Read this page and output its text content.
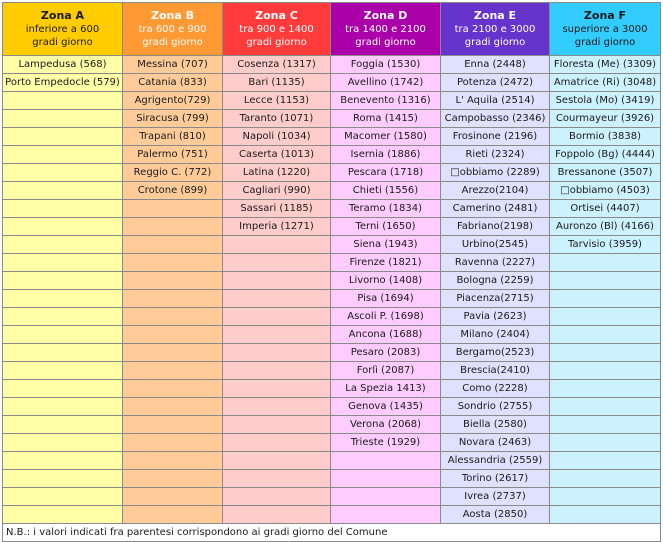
Zona A
inferiore a 600
gradi giorno	Zona B
tra 600 e 900
gradi giorno	Zona C
tra 900 e 1400
gradi giorno	Zona D
tra 1400 e 2100
gradi giorno	Zona E
tra 2100 e 3000
gradi giorno	Zona F
superiore a 3000
gradi giorno

Lampedusa (568)	Messina (707)	Cosenza (1317)	Foggia (1530)	Enna (2448)	Floresta (Me) (3309)
Porto Empedocle (579)	Catania (833)	Bari (1135)	Avellino (1742)	Potenza (2472)	Amatrice (Ri) (3048)
	Agrigento(729)	Lecce (1153)	Benevento (1316)	L' Aquila (2514)	Sestola (Mo) (3419)
	Siracusa (799)	Taranto (1071)	Roma (1415)	Campobasso (2346)	Courmayeur (3926)
	Trapani (810)	Napoli (1034)	Macomer (1580)	Frosinone (2196)	Bormio (3838)
	Palermo (751)	Caserta (1013)	Isernia (1886)	Rieti (2324)	Foppolo (Bg) (4444)
	Reggio C. (772)	Latina (1220)	Pescara (1718)	□obbiamo (2289)	Bressanone (3507)
	Crotone (899)	Cagliari (990)	Chieti (1556)	Arezzo(2104)	□obbiamo (4503)
		Sassari (1185)	Teramo (1834)	Camerino (2481)	Ortisei (4407)
		Imperia (1271)	Terni (1650)	Fabriano(2198)	Auronzo (Bl) (4166)
			Siena (1943)	Urbino(2545)	Tarvisio (3959)
			Firenze (1821)	Ravenna (2227)	
			Livorno (1408)	Bologna (2259)	
			Pisa (1694)	Piacenza(2715)	
			Ascoli P. (1698)	Pavia (2623)	
			Ancona (1688)	Milano (2404)	
			Pesaro (2083)	Bergamo(2523)	
			Forlì (2087)	Brescia(2410)	
			La Spezia 1413)	Como (2228)	
			Genova (1435)	Sondrio (2755)	
			Verona (2068)	Biella (2580)	
			Trieste (1929)	Novara (2463)	
				Alessandria (2559)	
				Torino (2617)	
				Ivrea (2737)	
				Aosta (2850)	
N.B.: i valori indicati fra parentesi corrispondono ai gradi giorno del Comune					
